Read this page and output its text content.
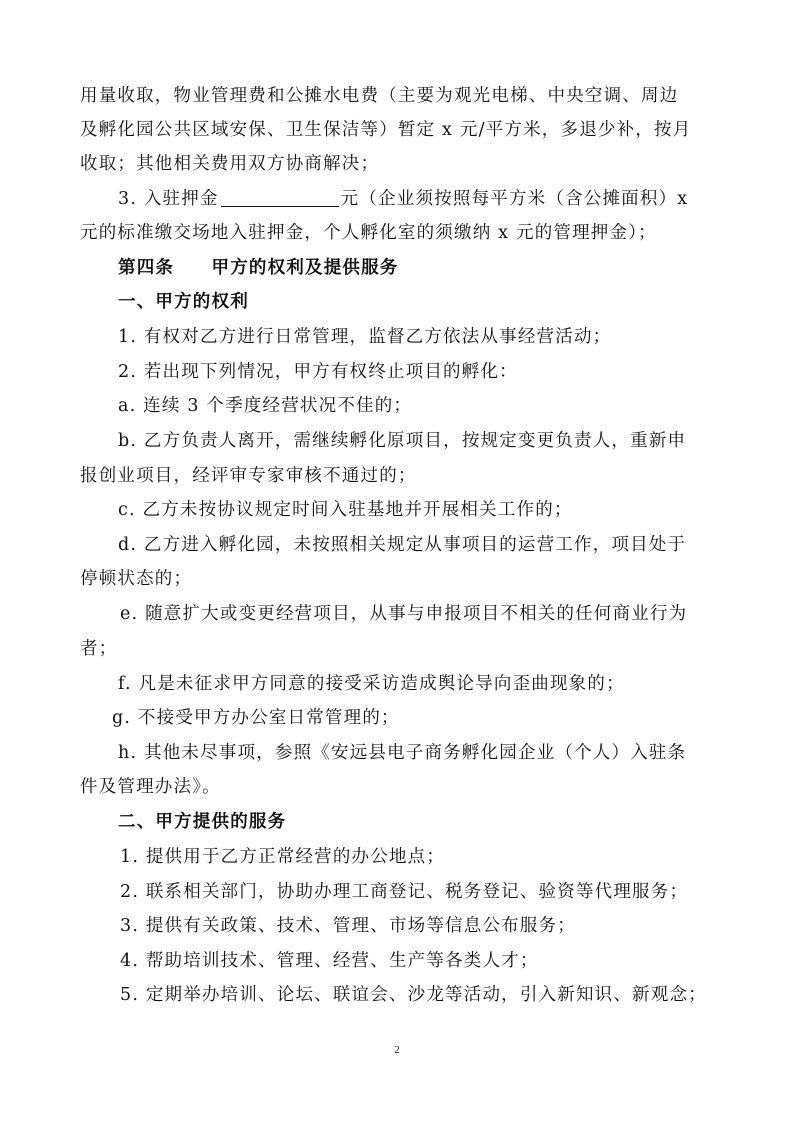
用量收取，物业管理费和公摊水电费（主要为观光电梯、中央空调、周边
及孵化园公共区域安保、卫生保洁等）暂定 x 元/平方米，多退少补，按月
收取；其他相关费用双方协商解决；
3. 入驻押金	元（企业须按照每平方米（含公摊面积）x
元的标准缴交场地入驻押金，个人孵化室的须缴纳 x 元的管理押金）；
第四条　　甲方的权利及提供服务
一、甲方的权利
1. 有权对乙方进行日常管理，监督乙方依法从事经营活动；
2. 若出现下列情况，甲方有权终止项目的孵化：
a. 连续 3 个季度经营状况不佳的；
b. 乙方负责人离开，需继续孵化原项目，按规定变更负责人，重新申
报创业项目，经评审专家审核不通过的；
c. 乙方未按协议规定时间入驻基地并开展相关工作的；
d. 乙方进入孵化园，未按照相关规定从事项目的运营工作，项目处于
停顿状态的；
e. 随意扩大或变更经营项目，从事与申报项目不相关的任何商业行为
者；
f. 凡是未征求甲方同意的接受采访造成舆论导向歪曲现象的；
g. 不接受甲方办公室日常管理的；
h. 其他未尽事项，参照《安远县电子商务孵化园企业（个人）入驻条
件及管理办法》。
二、甲方提供的服务
1. 提供用于乙方正常经营的办公地点；
2. 联系相关部门，协助办理工商登记、税务登记、验资等代理服务；
3. 提供有关政策、技术、管理、市场等信息公布服务；
4. 帮助培训技术、管理、经营、生产等各类人才；
5. 定期举办培训、论坛、联谊会、沙龙等活动，引入新知识、新观念；
2
